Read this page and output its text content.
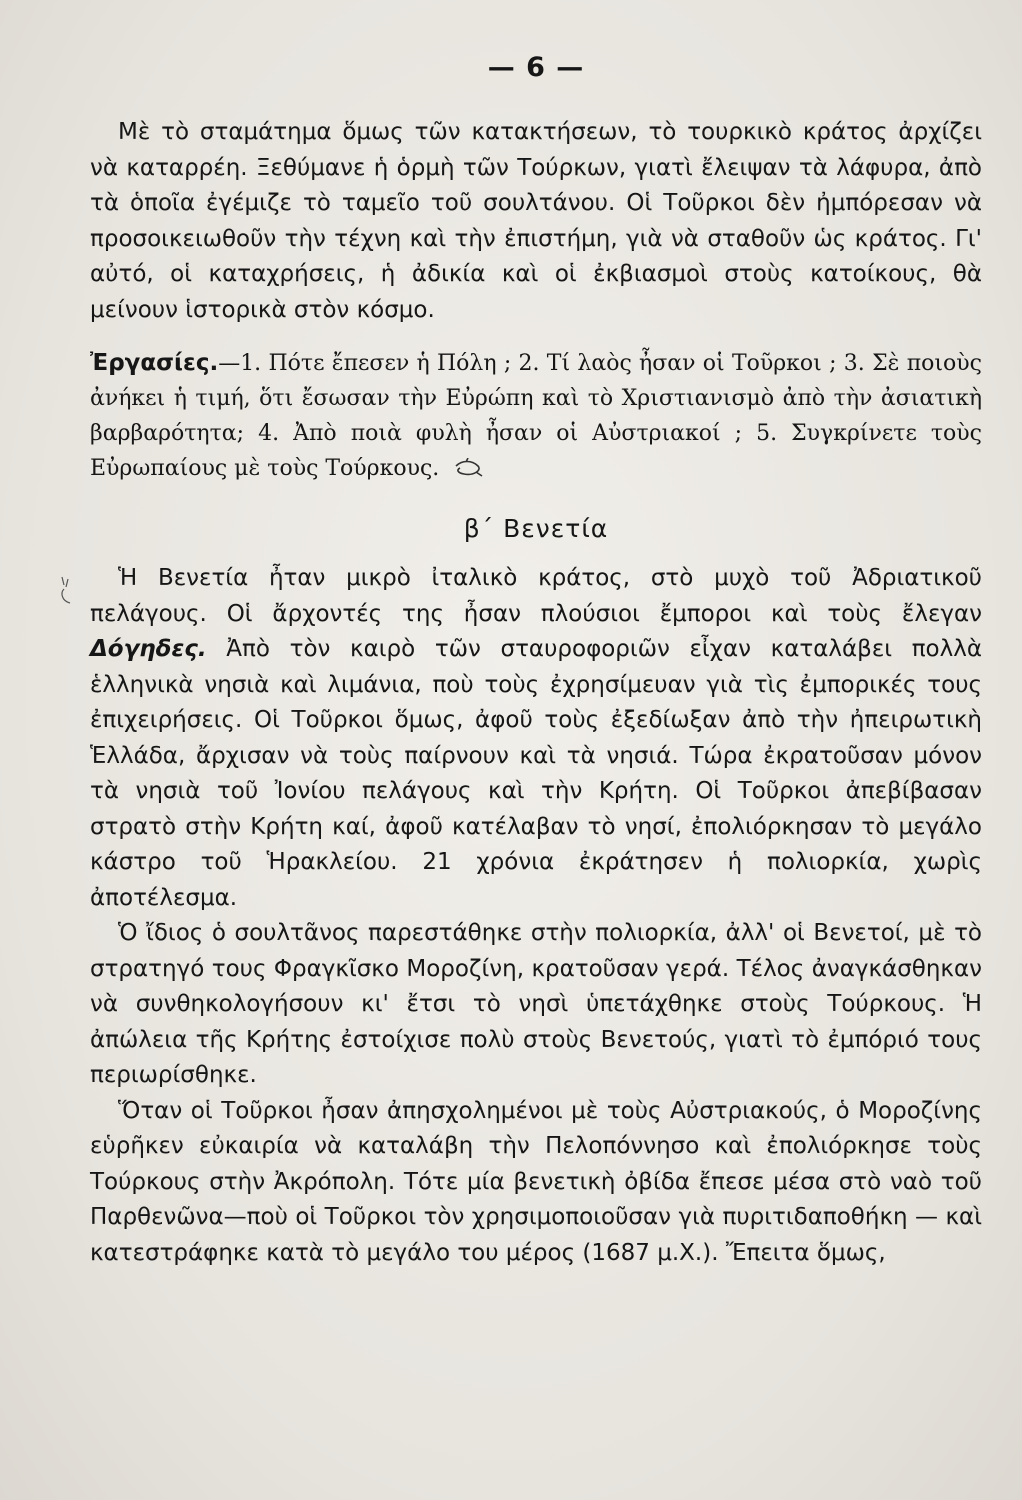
— 6 —

Μὲ τὸ σταμάτημα ὅμως τῶν κατακτήσεων, τὸ τουρκικὸ κράτος ἀρχίζει νὰ καταρρέη. Ξεθύμανε ἡ ὁρμὴ τῶν Τούρκων, γιατὶ ἔλειψαν τὰ λάφυρα, ἀπὸ τὰ ὁποῖα ἐγέμιζε τὸ ταμεῖο τοῦ σουλτάνου. Οἱ Τοῦρκοι δὲν ἠμπόρεσαν νὰ προσοικειωθοῦν τὴν τέχνη καὶ τὴν ἐπιστήμη, γιὰ νὰ σταθοῦν ὡς κράτος. Γι' αὐτό, οἱ καταχρήσεις, ἡ ἀδικία καὶ οἱ ἐκβιασμοὶ στοὺς κατοίκους, θὰ μείνουν ἱστορικὰ στὸν κόσμο.

Ἐργασίες.—1. Πότε ἔπεσεν ἡ Πόλη ; 2. Τί λαὸς ἦσαν οἱ Τοῦρκοι ; 3. Σὲ ποιοὺς ἀνήκει ἡ τιμή, ὅτι ἔσωσαν τὴν Εὐρώπη καὶ τὸ Χριστιανισμὸ ἀπὸ τὴν ἀσιατικὴ βαρβαρότητα; 4. Ἀπὸ ποιὰ φυλὴ ἦσαν οἱ Αὐστριακοί ; 5. Συγκρίνετε τοὺς Εὐρωπαίους μὲ τοὺς Τούρκους.

β΄ Βενετία

Ἡ Βενετία ἦταν μικρὸ ἰταλικὸ κράτος, στὸ μυχὸ τοῦ Ἀδριατικοῦ πελάγους. Οἱ ἄρχοντές της ἦσαν πλούσιοι ἔμποροι καὶ τοὺς ἔλεγαν Δόγηδες. Ἀπὸ τὸν καιρὸ τῶν σταυροφοριῶν εἶχαν καταλάβει πολλὰ ἑλληνικὰ νησιὰ καὶ λιμάνια, ποὺ τοὺς ἐχρησίμευαν γιὰ τὶς ἐμπορικές τους ἐπιχειρήσεις. Οἱ Τοῦρκοι ὅμως, ἀφοῦ τοὺς ἐξεδίωξαν ἀπὸ τὴν ἠπειρωτικὴ Ἑλλάδα, ἄρχισαν νὰ τοὺς παίρνουν καὶ τὰ νησιά. Τώρα ἐκρατοῦσαν μόνον τὰ νησιὰ τοῦ Ἰονίου πελάγους καὶ τὴν Κρήτη. Οἱ Τοῦρκοι ἀπεβίβασαν στρατὸ στὴν Κρήτη καί, ἀφοῦ κατέλαβαν τὸ νησί, ἐπολιόρκησαν τὸ μεγάλο κάστρο τοῦ Ἡρακλείου. 21 χρόνια ἐκράτησεν ἡ πολιορκία, χωρὶς ἀποτέλεσμα.

Ὁ ἴδιος ὁ σουλτᾶνος παρεστάθηκε στὴν πολιορκία, ἀλλ' οἱ Βενετοί, μὲ τὸ στρατηγό τους Φραγκῖσκο Μοροζίνη, κρατοῦσαν γερά. Τέλος ἀναγκάσθηκαν νὰ συνθηκολογήσουν κι' ἔτσι τὸ νησὶ ὑπετάχθηκε στοὺς Τούρκους. Ἡ ἀπώλεια τῆς Κρήτης ἐστοίχισε πολὺ στοὺς Βενετούς, γιατὶ τὸ ἐμπόριό τους περιωρίσθηκε.

Ὅταν οἱ Τοῦρκοι ἦσαν ἀπησχολημένοι μὲ τοὺς Αὐστριακούς, ὁ Μοροζίνης εὑρῆκεν εὐκαιρία νὰ καταλάβη τὴν Πελοπόννησο καὶ ἐπολιόρκησε τοὺς Τούρκους στὴν Ἀκρόπολη. Τότε μία βενετικὴ ὀβίδα ἔπεσε μέσα στὸ ναὸ τοῦ Παρθενῶνα—ποὺ οἱ Τοῦρκοι τὸν χρησιμοποιοῦσαν γιὰ πυριτιδαποθήκη — καὶ κατεστράφηκε κατὰ τὸ μεγάλο του μέρος (1687 μ.Χ.). Ἔπειτα ὅμως,
